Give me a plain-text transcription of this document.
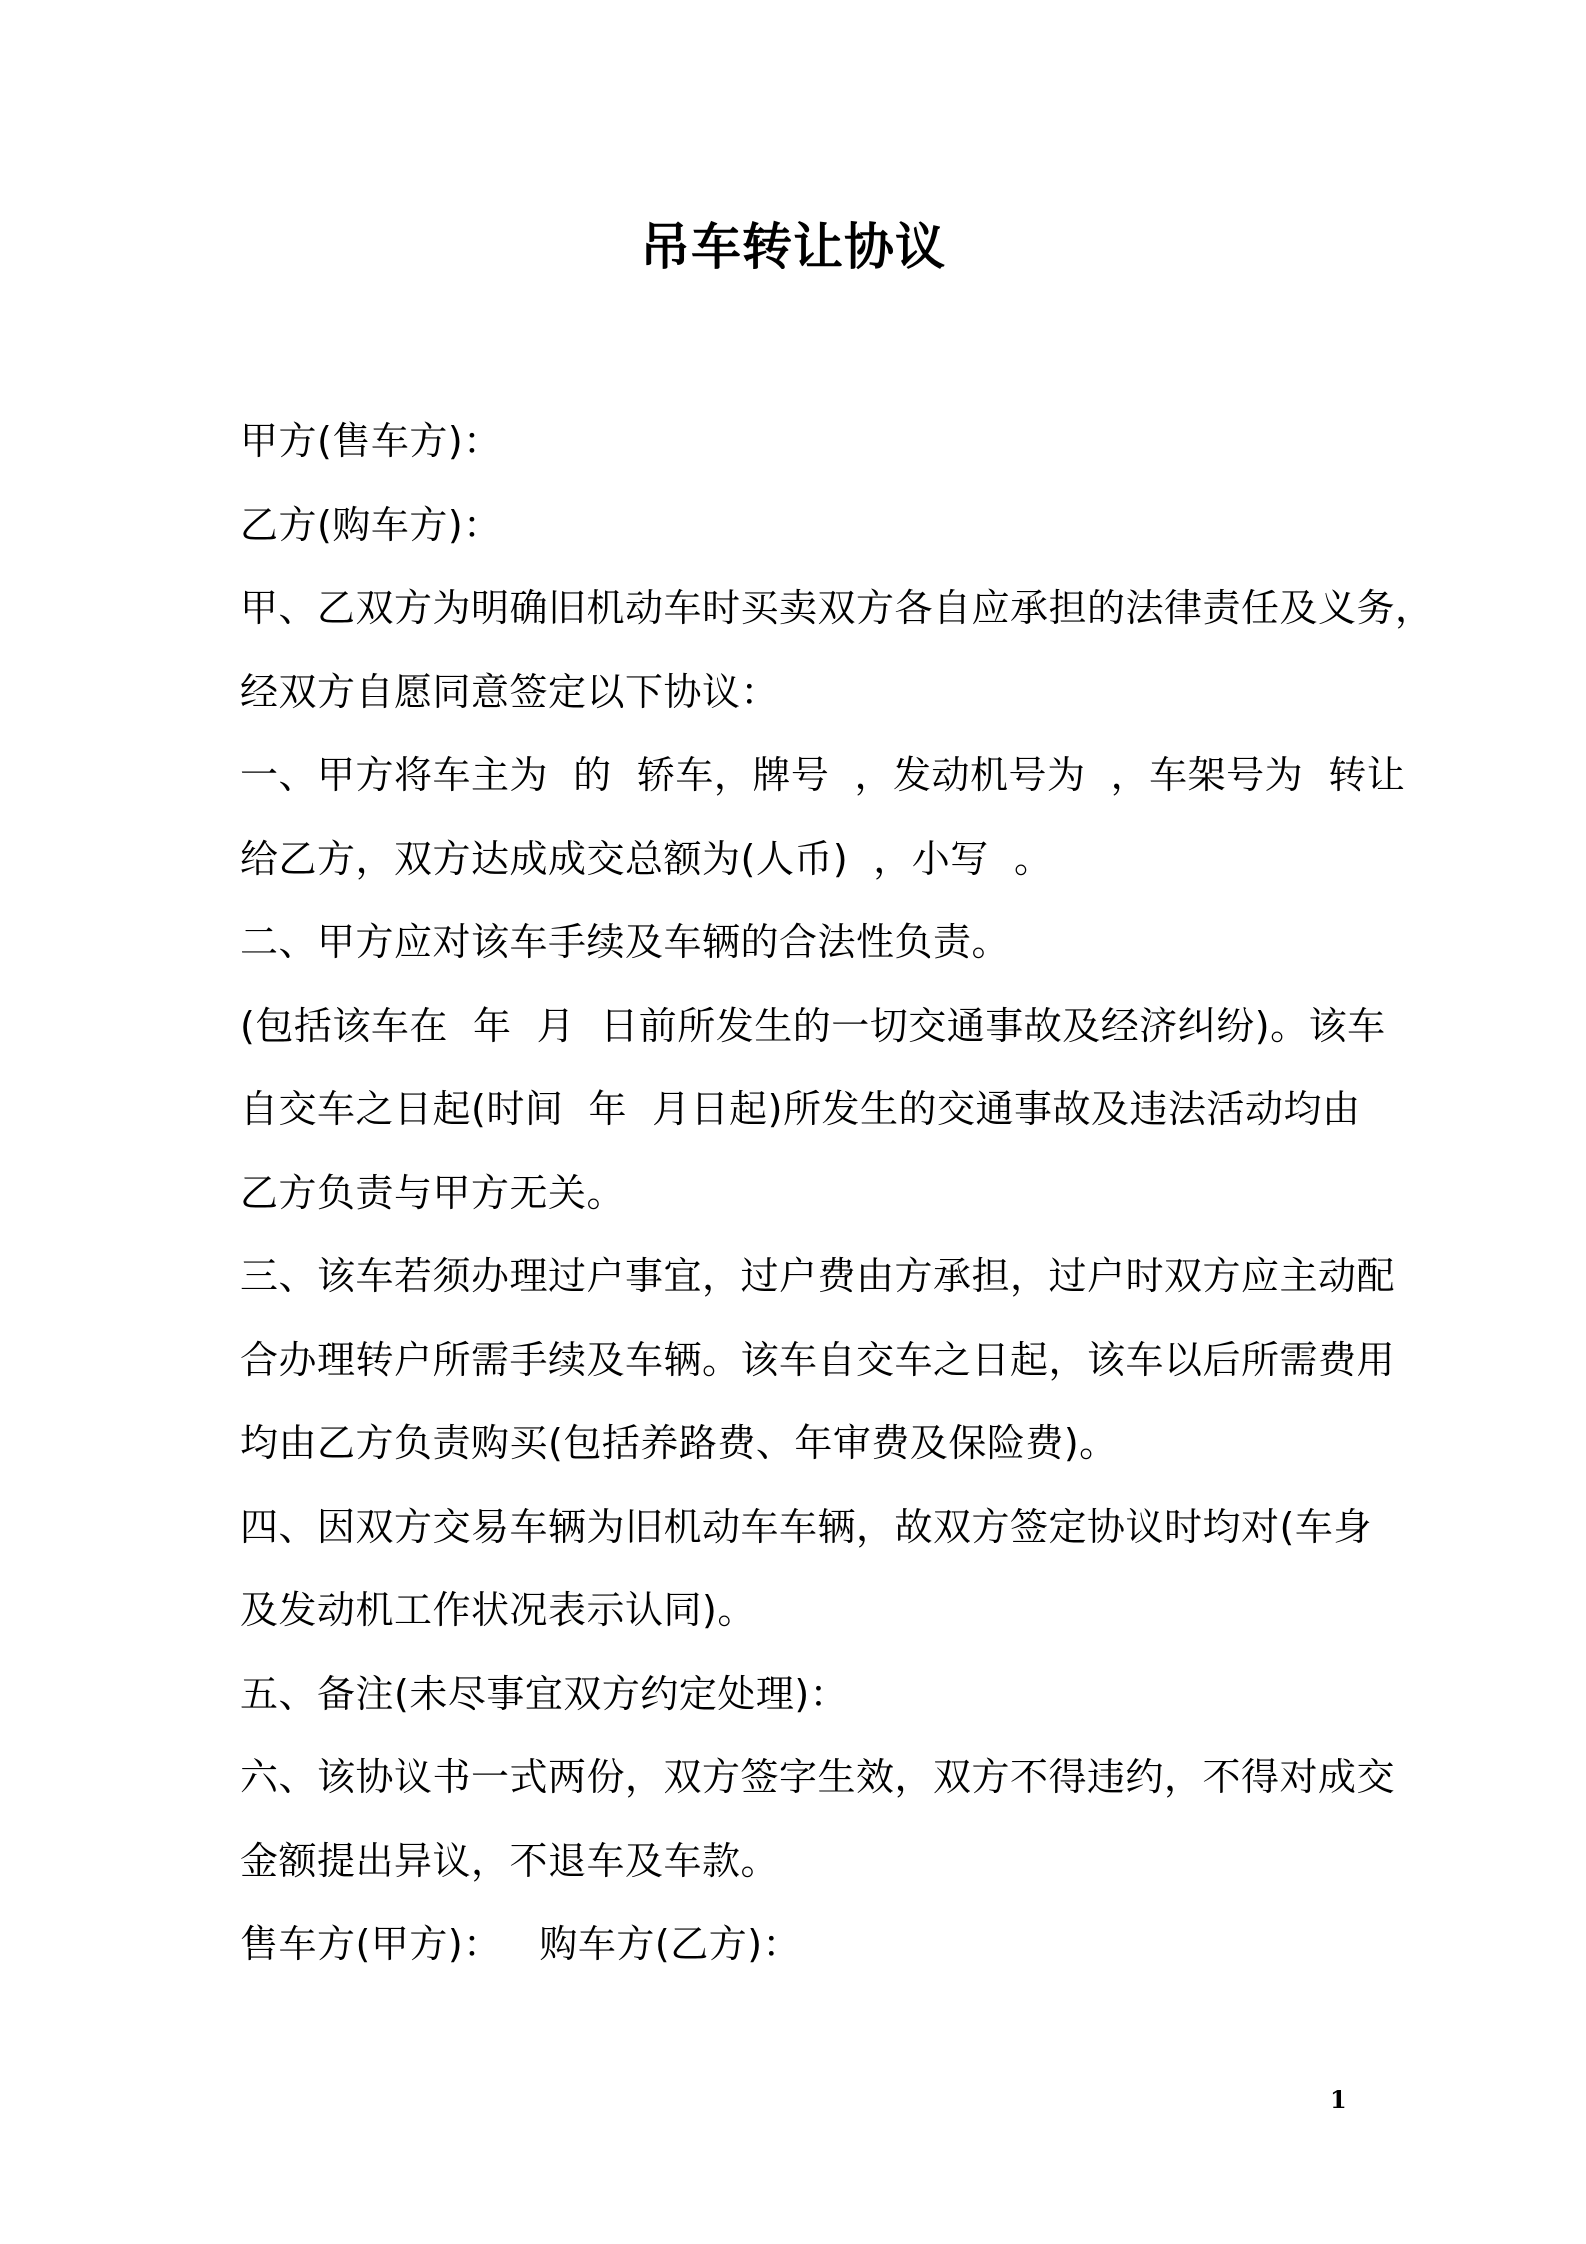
吊车转让协议
甲方(售车方)：
乙方(购车方)：
甲、乙双方为明确旧机动车时买卖双方各自应承担的法律责任及义务，
经双方自愿同意签定以下协议：
一、甲方将车主为  的  轿车，牌号  ，发动机号为  ，车架号为  转让
给乙方，双方达成成交总额为(人币)  ，小写  。
二、甲方应对该车手续及车辆的合法性负责。
(包括该车在  年  月  日前所发生的一切交通事故及经济纠纷)。该车
自交车之日起(时间  年  月日起)所发生的交通事故及违法活动均由
乙方负责与甲方无关。
三、该车若须办理过户事宜，过户费由方承担，过户时双方应主动配
合办理转户所需手续及车辆。该车自交车之日起，该车以后所需费用
均由乙方负责购买(包括养路费、年审费及保险费)。
四、因双方交易车辆为旧机动车车辆，故双方签定协议时均对(车身
及发动机工作状况表示认同)。
五、备注(未尽事宜双方约定处理)：
六、该协议书一式两份，双方签字生效，双方不得违约，不得对成交
金额提出异议，不退车及车款。
售车方(甲方)：   购车方(乙方)：
1
